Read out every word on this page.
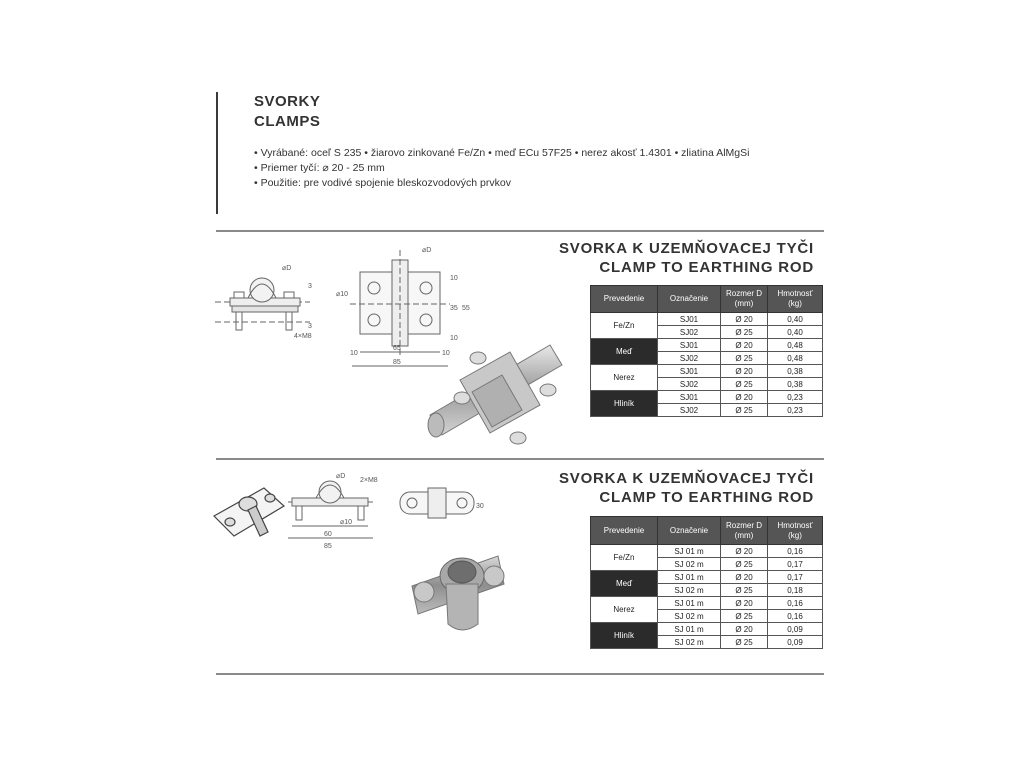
SVORKY
CLAMPS
• Vyrábané: oceľ S 235 • žiarovo zinkované Fe/Zn • meď ECu 57F25 • nerez akosť 1.4301 • zliatina AlMgSi
• Priemer tyčí: ⌀ 20 - 25 mm
• Použitie: pre vodivé spojenie bleskozvodových prvkov
SVORKA K UZEMŇOVACEJ TYČI
CLAMP TO EARTHING ROD
Prevedenie	Označenie	Rozmer D (mm)	Hmotnosť (kg)
Fe/Zn	SJ01	Ø 20	0,40
	SJ02	Ø 25	0,40
Meď	SJ01	Ø 20	0,48
	SJ02	Ø 25	0,48
Nerez	SJ01	Ø 20	0,38
	SJ02	Ø 25	0,38
Hliník	SJ01	Ø 20	0,23
	SJ02	Ø 25	0,23
⌀D
3
3
4×M8
⌀D
⌀10
10
35 55
10
10
65
10
85
SVORKA K UZEMŇOVACEJ TYČI
CLAMP TO EARTHING ROD
Prevedenie	Označenie	Rozmer D (mm)	Hmotnosť (kg)
Fe/Zn	SJ 01 m	Ø 20	0,16
	SJ 02 m	Ø 25	0,17
Meď	SJ 01 m	Ø 20	0,17
	SJ 02 m	Ø 25	0,18
Nerez	SJ 01 m	Ø 20	0,16
	SJ 02 m	Ø 25	0,16
Hliník	SJ 01 m	Ø 20	0,09
	SJ 02 m	Ø 25	0,09
2×M8
⌀D
⌀10
60
85
30
